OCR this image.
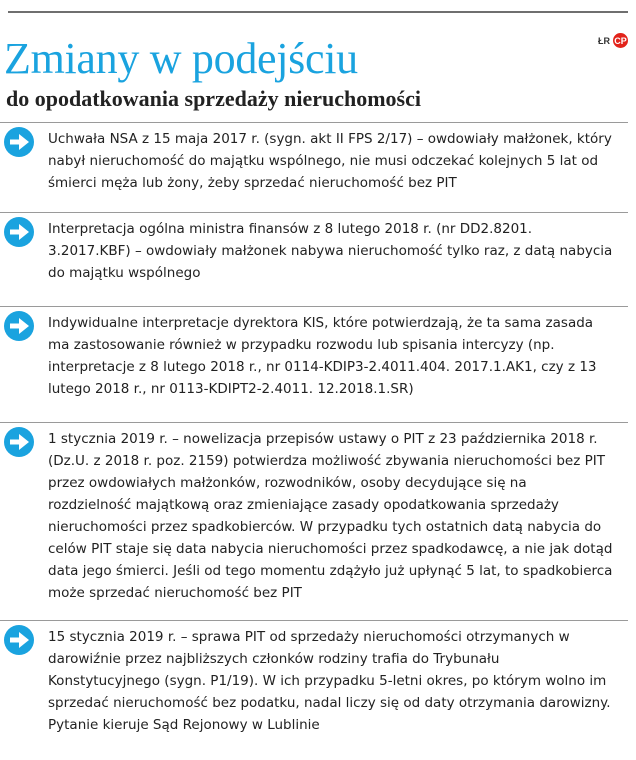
ŁR CP
Zmiany w podejściu
do opodatkowania sprzedaży nieruchomości

Uchwała NSA z 15 maja 2017 r. (sygn. akt II FPS 2/17) – owdowiały małżonek, który nabył nieruchomość do majątku wspólnego, nie musi odczekać kolejnych 5 lat od śmierci męża lub żony, żeby sprzedać nieruchomość bez PIT

Interpretacja ogólna ministra finansów z 8 lutego 2018 r. (nr DD2.8201. 3.2017.KBF) – owdowiały małżonek nabywa nieruchomość tylko raz, z datą nabycia do majątku wspólnego

Indywidualne interpretacje dyrektora KIS, które potwierdzają, że ta sama zasada ma zastosowanie również w przypadku rozwodu lub spisania intercyzy (np. interpretacje z 8 lutego 2018 r., nr 0114-KDIP3-2.4011.404. 2017.1.AK1, czy z 13 lutego 2018 r., nr 0113-KDIPT2-2.4011. 12.2018.1.SR)

1 stycznia 2019 r. – nowelizacja przepisów ustawy o PIT z 23 października 2018 r. (Dz.U. z 2018 r. poz. 2159) potwierdza możliwość zbywania nieruchomości bez PIT przez owdowiałych małżonków, rozwodników, osoby decydujące się na rozdzielność majątkową oraz zmieniające zasady opodatkowania sprzedaży nieruchomości przez spadkobierców. W przypadku tych ostatnich datą nabycia do celów PIT staje się data nabycia nieruchomości przez spadkodawcę, a nie jak dotąd data jego śmierci. Jeśli od tego momentu zdążyło już upłynąć 5 lat, to spadkobierca może sprzedać nieruchomość bez PIT

15 stycznia 2019 r. – sprawa PIT od sprzedaży nieruchomości otrzymanych w darowiźnie przez najbliższych członków rodziny trafia do Trybunału Konstytucyjnego (sygn. P1/19). W ich przypadku 5-letni okres, po którym wolno im sprzedać nieruchomość bez podatku, nadal liczy się od daty otrzymania darowizny. Pytanie kieruje Sąd Rejonowy w Lublinie
